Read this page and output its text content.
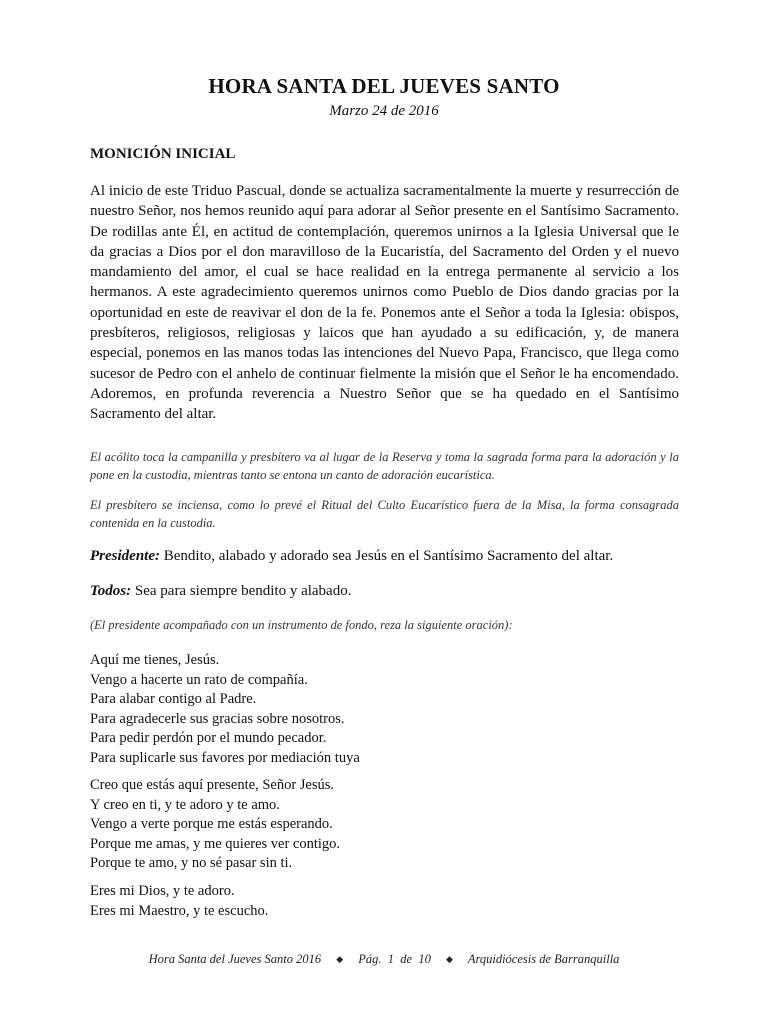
HORA SANTA DEL JUEVES SANTO
Marzo 24 de 2016
MONICIÓN INICIAL
Al inicio de este Triduo Pascual, donde se actualiza sacramentalmente la muerte y resurrección de nuestro Señor, nos hemos reunido aquí para adorar al Señor presente en el Santísimo Sacramento. De rodillas ante Él, en actitud de contemplación, queremos unirnos a la Iglesia Universal que le da gracias a Dios por el don maravilloso de la Eucaristía, del Sacramento del Orden y el nuevo mandamiento del amor, el cual se hace realidad en la entrega permanente al servicio a los hermanos. A este agradecimiento queremos unirnos como Pueblo de Dios dando gracias por la oportunidad en este de reavivar el don de la fe. Ponemos ante el Señor a toda la Iglesia: obispos, presbíteros, religiosos, religiosas y laicos que han ayudado a su edificación, y, de manera especial, ponemos en las manos todas las intenciones del Nuevo Papa, Francisco, que llega como sucesor de Pedro con el anhelo de continuar fielmente la misión que el Señor le ha encomendado. Adoremos, en profunda reverencia a Nuestro Señor que se ha quedado en el Santísimo Sacramento del altar.
El acólito toca la campanilla y presbítero va al lugar de la Reserva y toma la sagrada forma para la adoración y la pone en la custodia, mientras tanto se entona un canto de adoración eucarística.
El presbítero se inciensa, como lo prevé el Ritual del Culto Eucarístico fuera de la Misa, la forma consagrada contenida en la custodia.
Presidente: Bendito, alabado y adorado sea Jesús en el Santísimo Sacramento del altar.
Todos: Sea para siempre bendito y alabado.
(El presidente acompañado con un instrumento de fondo, reza la siguiente oración):
Aquí me tienes, Jesús.
Vengo a hacerte un rato de compañía.
Para alabar contigo al Padre.
Para agradecerle sus gracias sobre nosotros.
Para pedir perdón por el mundo pecador.
Para suplicarle sus favores por mediación tuya
Creo que estás aquí presente, Señor Jesús.
Y creo en ti, y te adoro y te amo.
Vengo a verte porque me estás esperando.
Porque me amas, y me quieres ver contigo.
Porque te amo, y no sé pasar sin ti.
Eres mi Dios, y te adoro.
Eres mi Maestro, y te escucho.
Hora Santa del Jueves Santo 2016 ◆ Pág. 1 de 10 ◆ Arquidiócesis de Barranquilla
